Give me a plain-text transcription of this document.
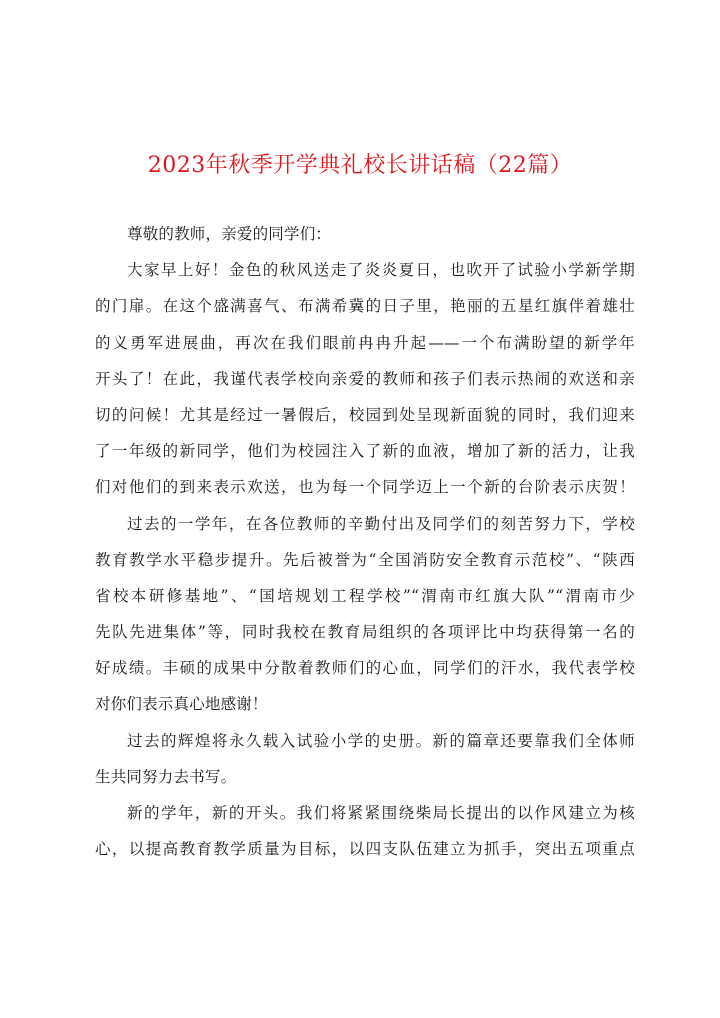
2023年秋季开学典礼校长讲话稿（22篇）
尊敬的教师，亲爱的同学们：
大家早上好！金色的秋风送走了炎炎夏日，也吹开了试验小学新学期
的门扉。在这个盛满喜气、布满希冀的日子里，艳丽的五星红旗伴着雄壮
的义勇军进展曲，再次在我们眼前冉冉升起——一个布满盼望的新学年
开头了！在此，我谨代表学校向亲爱的教师和孩子们表示热闹的欢送和亲
切的问候！尤其是经过一暑假后，校园到处呈现新面貌的同时，我们迎来
了一年级的新同学，他们为校园注入了新的血液，增加了新的活力，让我
们对他们的到来表示欢送，也为每一个同学迈上一个新的台阶表示庆贺！
过去的一学年，在各位教师的辛勤付出及同学们的刻苦努力下，学校
教育教学水平稳步提升。先后被誉为“全国消防安全教育示范校”、“陕西
省校本研修基地”、“国培规划工程学校”“渭南市红旗大队”“渭南市少
先队先进集体”等，同时我校在教育局组织的各项评比中均获得第一名的
好成绩。丰硕的成果中分散着教师们的心血，同学们的汗水，我代表学校
对你们表示真心地感谢！
过去的辉煌将永久载入试验小学的史册。新的篇章还要靠我们全体师
生共同努力去书写。
新的学年，新的开头。我们将紧紧围绕柴局长提出的以作风建立为核
心，以提高教育教学质量为目标，以四支队伍建立为抓手，突出五项重点
